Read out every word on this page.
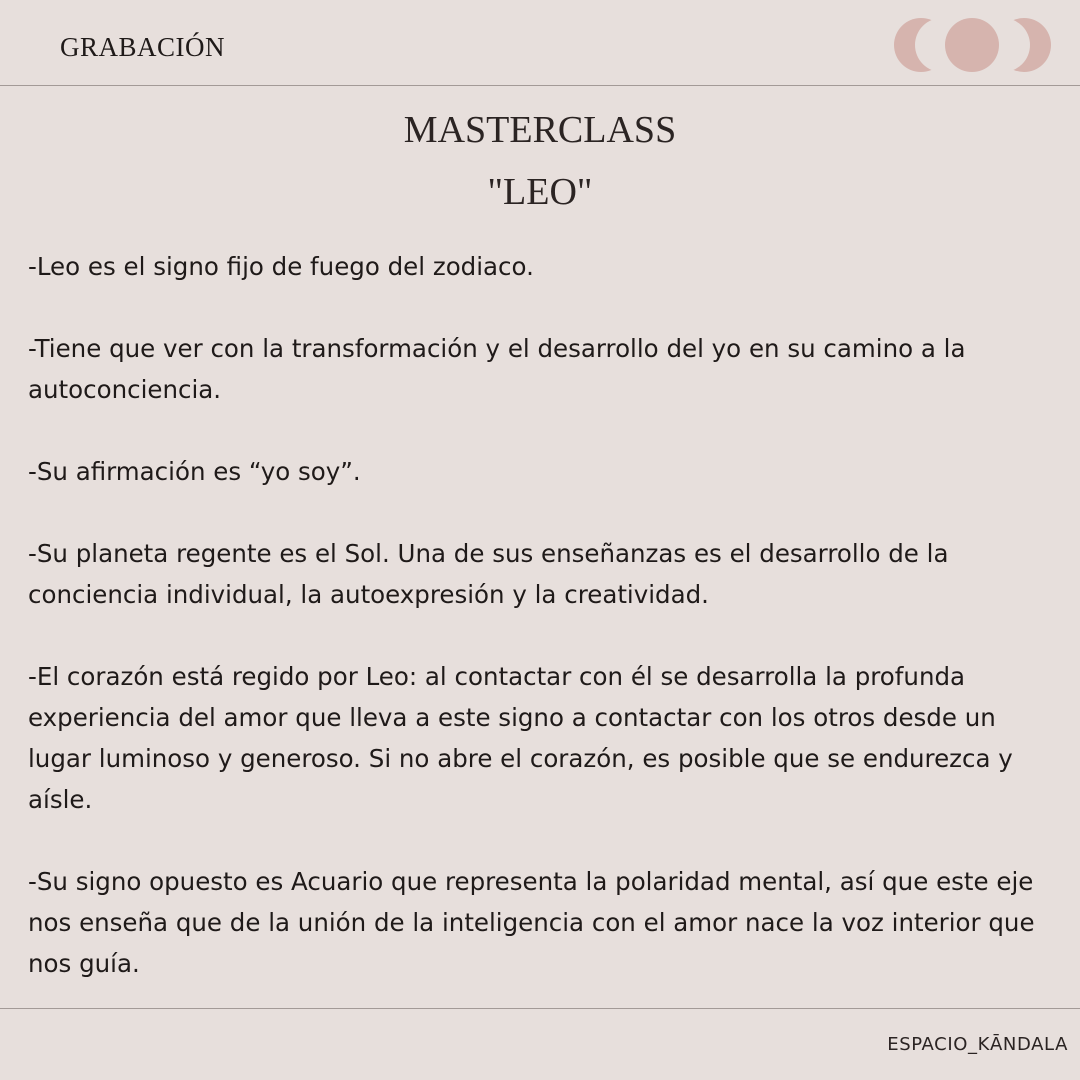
GRABACIÓN
MASTERCLASS
"LEO"

-Leo es el signo fijo de fuego del zodiaco.

-Tiene que ver con la transformación y el desarrollo del yo en su camino a la autoconciencia.

-Su afirmación es “yo soy”.

-Su planeta regente es el Sol. Una de sus enseñanzas es el desarrollo de la conciencia individual, la autoexpresión y la creatividad.

-El corazón está regido por Leo: al contactar con él se desarrolla la profunda experiencia del amor que lleva a este signo a contactar con los otros desde un lugar luminoso y generoso. Si no abre el corazón, es posible que se endurezca y aísle.

-Su signo opuesto es Acuario que representa la polaridad mental, así que este eje nos enseña que de la unión de la inteligencia con el amor nace la voz interior que nos guía.

ESPACIO_KĀNDALA
